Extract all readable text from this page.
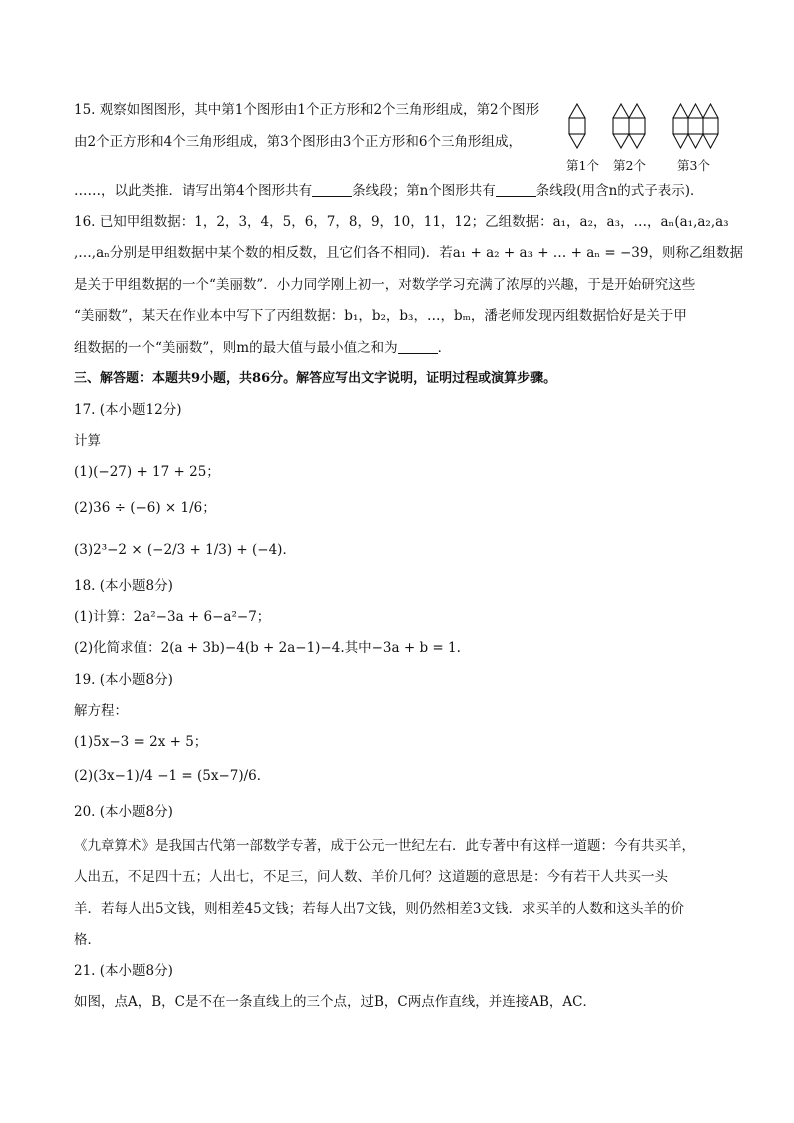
15. 观察如图图形，其中第1个图形由1个正方形和2个三角形组成，第2个图形
由2个正方形和4个三角形组成，第3个图形由3个正方形和6个三角形组成，
……，以此类推．请写出第4个图形共有	条线段；第n个图形共有	条线段(用含n的式子表示)．
第1个 第2个 第3个
16. 已知甲组数据：1，2，3，4，5，6，7，8，9，10，11，12；乙组数据：a₁，a₂，a₃，…，aₙ(a₁,a₂,a₃
,…,aₙ分别是甲组数据中某个数的相反数，且它们各不相同)．若a₁ + a₂ + a₃ + … + aₙ = −39，则称乙组数据
是关于甲组数据的一个“美丽数”．小力同学刚上初一，对数学学习充满了浓厚的兴趣，于是开始研究这些
“美丽数”，某天在作业本中写下了丙组数据：b₁，b₂，b₃，…，bₘ，潘老师发现丙组数据恰好是关于甲
组数据的一个“美丽数”，则m的最大值与最小值之和为	．
三、解答题：本题共9小题，共86分。解答应写出文字说明，证明过程或演算步骤。
17. (本小题12分)
计算
(1)(−27) + 17 + 25；
(2)36 ÷ (−6) × 1/6；
(3)2³−2 × (−2/3 + 1/3) + (−4)．
18. (本小题8分)
(1)计算：2a²−3a + 6−a²−7；
(2)化简求值：2(a + 3b)−4(b + 2a−1)−4.其中−3a + b = 1.
19. (本小题8分)
解方程：
(1)5x−3 = 2x + 5；
(2)(3x−1)/4 −1 = (5x−7)/6．
20. (本小题8分)
《九章算术》是我国古代第一部数学专著，成于公元一世纪左右．此专著中有这样一道题：今有共买羊，
人出五，不足四十五；人出七，不足三，问人数、羊价几何？这道题的意思是：今有若干人共买一头
羊．若每人出5文钱，则相差45文钱；若每人出7文钱，则仍然相差3文钱．求买羊的人数和这头羊的价
格．
21. (本小题8分)
如图，点A，B，C是不在一条直线上的三个点，过B，C两点作直线，并连接AB，AC．
